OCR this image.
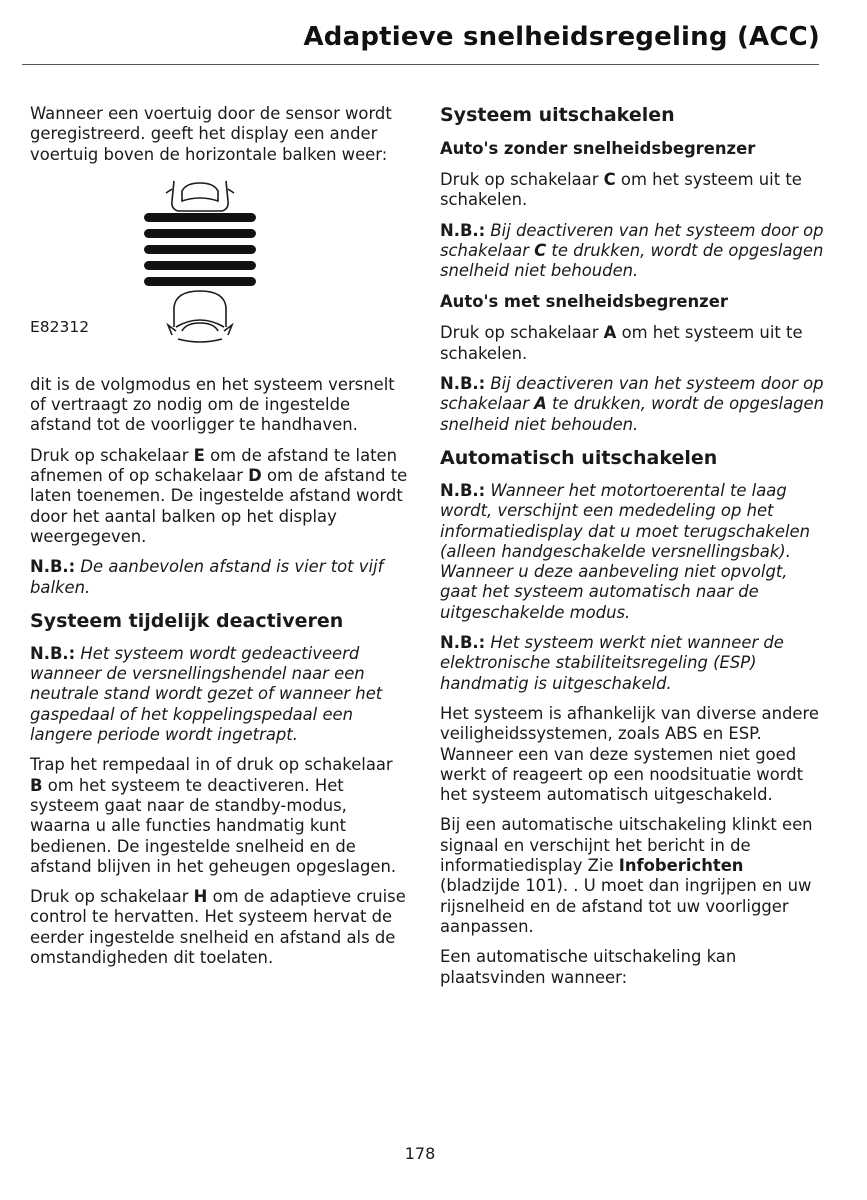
Adaptieve snelheidsregeling (ACC)

Wanneer een voertuig door de sensor wordt geregistreerd. geeft het display een ander voertuig boven de horizontale balken weer:

E82312

dit is de volgmodus en het systeem versnelt of vertraagt zo nodig om de ingestelde afstand tot de voorligger te handhaven.

Druk op schakelaar E om de afstand te laten afnemen of op schakelaar D om de afstand te laten toenemen. De ingestelde afstand wordt door het aantal balken op het display weergegeven.

N.B.: De aanbevolen afstand is vier tot vijf balken.

Systeem tijdelijk deactiveren

N.B.: Het systeem wordt gedeactiveerd wanneer de versnellingshendel naar een neutrale stand wordt gezet of wanneer het gaspedaal of het koppelingspedaal een langere periode wordt ingetrapt.

Trap het rempedaal in of druk op schakelaar B om het systeem te deactiveren. Het systeem gaat naar de standby-modus, waarna u alle functies handmatig kunt bedienen. De ingestelde snelheid en de afstand blijven in het geheugen opgeslagen.

Druk op schakelaar H om de adaptieve cruise control te hervatten. Het systeem hervat de eerder ingestelde snelheid en afstand als de omstandigheden dit toelaten.

Systeem uitschakelen
Auto's zonder snelheidsbegrenzer

Druk op schakelaar C om het systeem uit te schakelen.

N.B.: Bij deactiveren van het systeem door op schakelaar C te drukken, wordt de opgeslagen snelheid niet behouden.

Auto's met snelheidsbegrenzer

Druk op schakelaar A om het systeem uit te schakelen.

N.B.: Bij deactiveren van het systeem door op schakelaar A te drukken, wordt de opgeslagen snelheid niet behouden.

Automatisch uitschakelen

N.B.: Wanneer het motortoerental te laag wordt, verschijnt een mededeling op het informatiedisplay dat u moet terugschakelen (alleen handgeschakelde versnellingsbak). Wanneer u deze aanbeveling niet opvolgt, gaat het systeem automatisch naar de uitgeschakelde modus.

N.B.: Het systeem werkt niet wanneer de elektronische stabiliteitsregeling (ESP) handmatig is uitgeschakeld.

Het systeem is afhankelijk van diverse andere veiligheidssystemen, zoals ABS en ESP. Wanneer een van deze systemen niet goed werkt of reageert op een noodsituatie wordt het systeem automatisch uitgeschakeld.

Bij een automatische uitschakeling klinkt een signaal en verschijnt het bericht in de informatiedisplay Zie Infoberichten (bladzijde 101). . U moet dan ingrijpen en uw rijsnelheid en de afstand tot uw voorligger aanpassen.

Een automatische uitschakeling kan plaatsvinden wanneer:

178
